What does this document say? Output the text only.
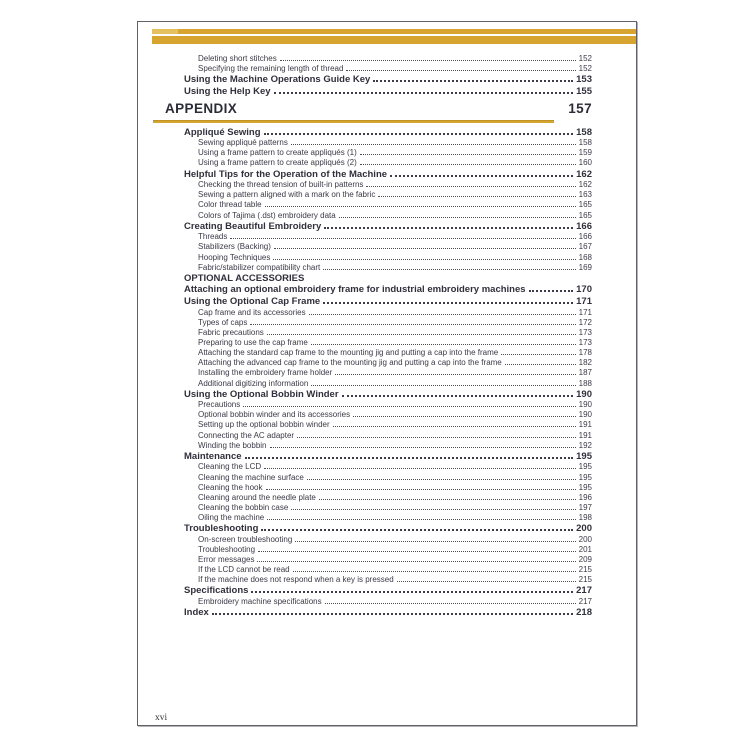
Deleting short stitches	152
Specifying the remaining length of thread	152
Using the Machine Operations Guide Key	153
Using the Help Key	155
APPENDIX	157
Appliqué Sewing	158
Sewing appliqué patterns	158
Using a frame pattern to create appliqués (1)	159
Using a frame pattern to create appliqués (2)	160
Helpful Tips for the Operation of the Machine	162
Checking the thread tension of built-in patterns	162
Sewing a pattern aligned with a mark on the fabric	163
Color thread table	165
Colors of Tajima (.dst) embroidery data	165
Creating Beautiful Embroidery	166
Threads	166
Stabilizers (Backing)	167
Hooping Techniques	168
Fabric/stabilizer compatibility chart	169
OPTIONAL ACCESSORIES
Attaching an optional embroidery frame for industrial embroidery machines	170
Using the Optional Cap Frame	171
Cap frame and its accessories	171
Types of caps	172
Fabric precautions	173
Preparing to use the cap frame	173
Attaching the standard cap frame to the mounting jig and putting a cap into the frame	178
Attaching the advanced cap frame to the mounting jig and putting a cap into the frame	182
Installing the embroidery frame holder	187
Additional digitizing information	188
Using the Optional Bobbin Winder	190
Precautions	190
Optional bobbin winder and its accessories	190
Setting up the optional bobbin winder	191
Connecting the AC adapter	191
Winding the bobbin	192
Maintenance	195
Cleaning the LCD	195
Cleaning the machine surface	195
Cleaning the hook	195
Cleaning around the needle plate	196
Cleaning the bobbin case	197
Oiling the machine	198
Troubleshooting	200
On-screen troubleshooting	200
Troubleshooting	201
Error messages	209
If the LCD cannot be read	215
If the machine does not respond when a key is pressed	215
Specifications	217
Embroidery machine specifications	217
Index	218
xvi
